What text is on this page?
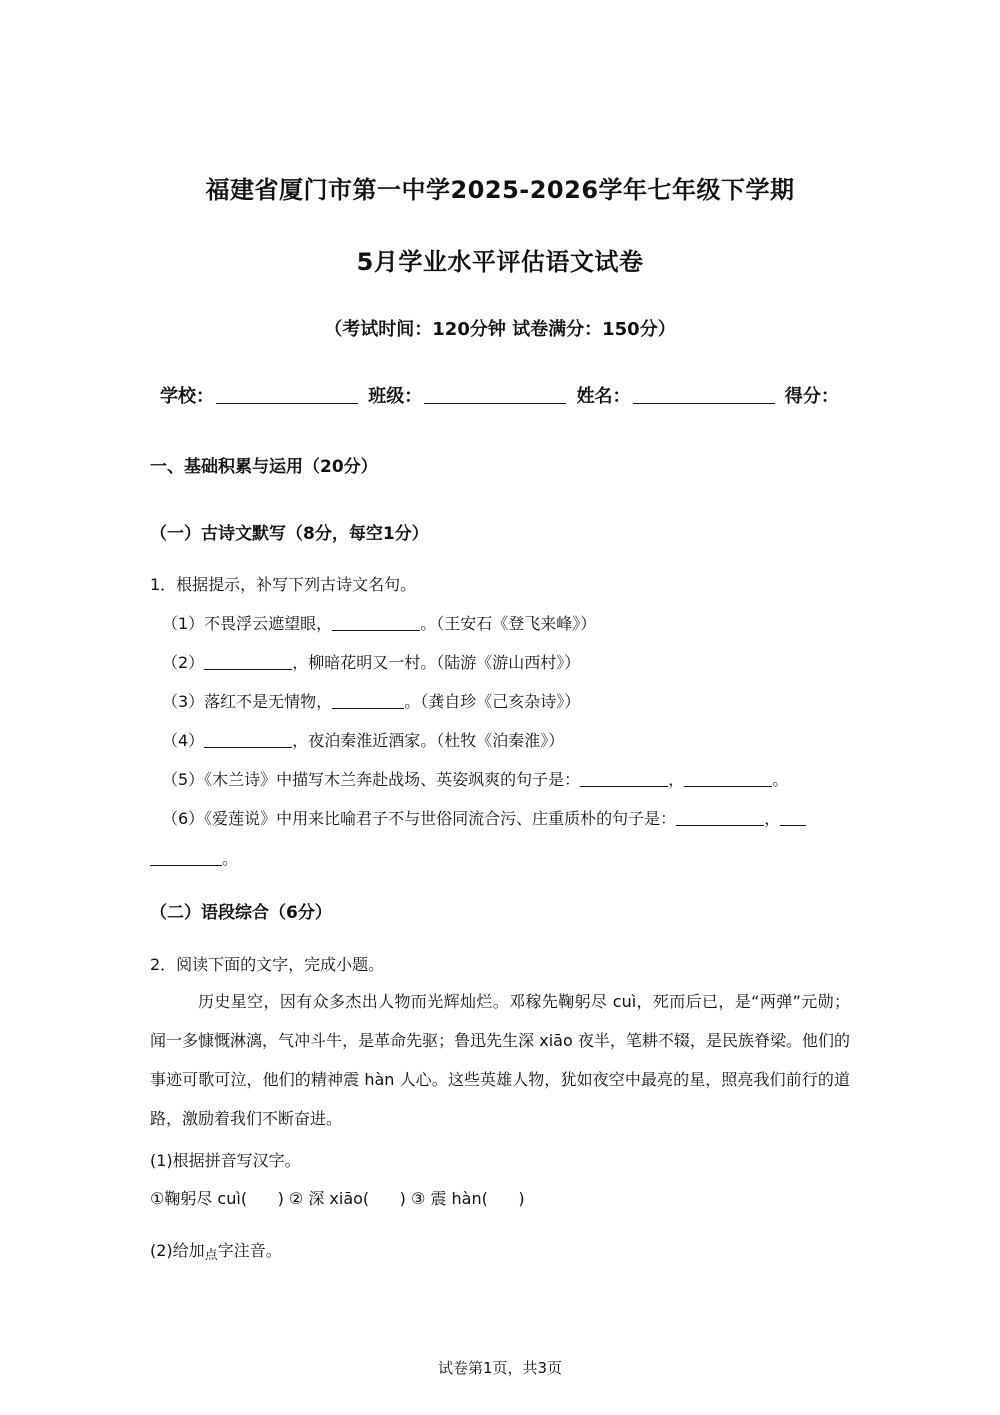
福建省厦门市第一中学2025-2026学年七年级下学期
5月学业水平评估语文试卷
（考试时间：120分钟 试卷满分：150分）
学校：	班级：	姓名：	得分：
一、基础积累与运用（20分）
（一）古诗文默写（8分，每空1分）
1．根据提示，补写下列古诗文名句。
（1）不畏浮云遮望眼，	。（王安石《登飞来峰》）
（2）	，柳暗花明又一村。（陆游《游山西村》）
（3）落红不是无情物，	。（龚自珍《己亥杂诗》）
（4）	，夜泊秦淮近酒家。（杜牧《泊秦淮》）
（5）《木兰诗》中描写木兰奔赴战场、英姿飒爽的句子是：	，	。
（6）《爱莲说》中用来比喻君子不与世俗同流合污、庄重质朴的句子是：	，
。
（二）语段综合（6分）
2．阅读下面的文字，完成小题。
历史星空，因有众多杰出人物而光辉灿烂。邓稼先鞠躬尽 cuì，死而后已，是“两弹”元勋；闻一多慷慨淋漓，气冲斗牛，是革命先驱；鲁迅先生深 xiāo 夜半，笔耕不辍，是民族脊梁。他们的事迹可歌可泣，他们的精神震 hàn 人心。这些英雄人物，犹如夜空中最亮的星，照亮我们前行的道路，激励着我们不断奋进。
(1)根据拼音写汉字。
①鞠躬尽 cuì(      ) ② 深 xiāo(      ) ③ 震 hàn(      )
(2)给加点字注音。
试卷第1页，共3页
